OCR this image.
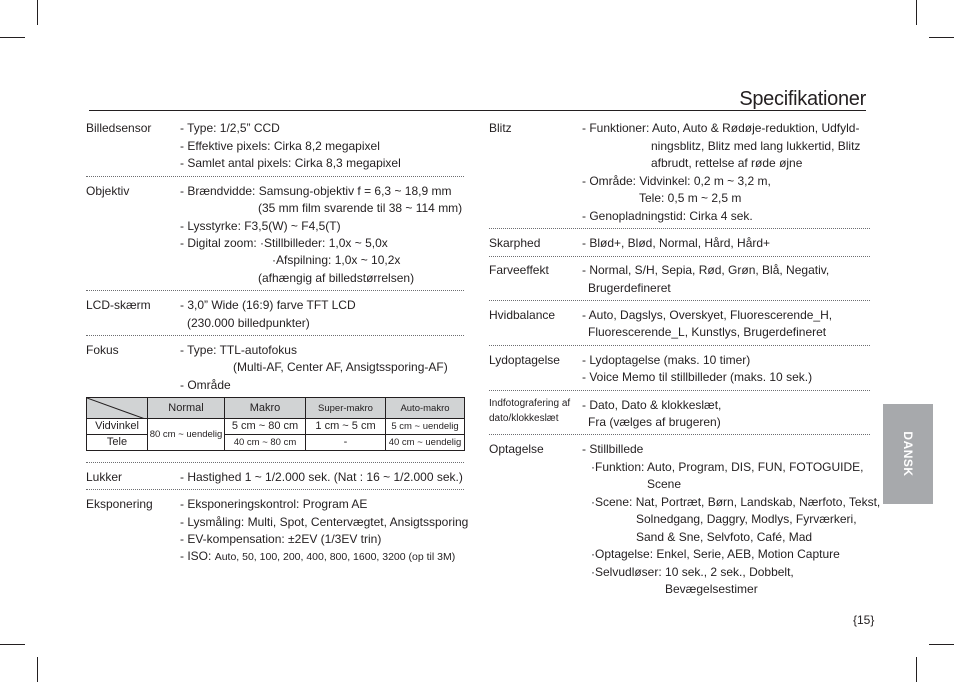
Specifikationer
Billedsensor - Type: 1/2,5” CCD
- Effektive pixels: Cirka 8,2 megapixel
- Samlet antal pixels: Cirka 8,3 megapixel
Objektiv	- Brændvidde: Samsung-objektiv f = 6,3 ~ 18,9 mm
(35 mm film svarende til 38 ~ 114 mm)
- Lysstyrke: F3,5(W) ~ F4,5(T)
- Digital zoom: ·Stillbilleder: 1,0x ~ 5,0x
·Afspilning: 1,0x ~ 10,2x
(afhængig af billedstørrelsen)
LCD-skærm - 3,0” Wide (16:9) farve TFT LCD
(230.000 billedpunkter)
Fokus	- Type: TTL-autofokus
(Multi-AF, Center AF, Ansigtssporing-AF)
- Område
	Normal	Makro	Super-makro	Auto-makro
Vidvinkel	80 cm ~ uendelig	5 cm ~ 80 cm	1 cm ~ 5 cm	5 cm ~ uendelig
Tele		40 cm ~ 80 cm	-	40 cm ~ uendelig
Lukker	- Hastighed 1 ~ 1/2.000 sek. (Nat : 16 ~ 1/2.000 sek.)
Eksponering - Eksponeringskontrol: Program AE
- Lysmåling: Multi, Spot, Centervægtet, Ansigtssporing
- EV-kompensation: ±2EV (1/3EV trin)
- ISO: Auto, 50, 100, 200, 400, 800, 1600, 3200 (op til 3M)
Blitz	- Funktioner: Auto, Auto & Rødøje-reduktion, Udfyld-
ningsblitz, Blitz med lang lukkertid, Blitz
afbrudt, rettelse af røde øjne
- Område: Vidvinkel: 0,2 m ~ 3,2 m,
Tele: 0,5 m ~ 2,5 m
- Genopladningstid: Cirka 4 sek.
Skarphed	- Blød+, Blød, Normal, Hård, Hård+
Farveeffekt	- Normal, S/H, Sepia, Rød, Grøn, Blå, Negativ,
Brugerdefineret
Hvidbalance - Auto, Dagslys, Overskyet, Fluorescerende_H,
Fluorescerende_L, Kunstlys, Brugerdefineret
Lydoptagelse - Lydoptagelse (maks. 10 timer)
- Voice Memo til stillbilleder (maks. 10 sek.)
Indfotografering af
dato/klokkeslæt
- Dato, Dato & klokkeslæt,
Fra (vælges af brugeren)
Optagelse	- Stillbillede
·Funktion: Auto, Program, DIS, FUN, FOTOGUIDE,
Scene
·Scene: Nat, Portræt, Børn, Landskab, Nærfoto, Tekst,
Solnedgang, Daggry, Modlys, Fyrværkeri,
Sand & Sne, Selvfoto, Café, Mad
·Optagelse: Enkel, Serie, AEB, Motion Capture
·Selvudløser: 10 sek., 2 sek., Dobbelt,
Bevægelsestimer
DANSK
{15}
